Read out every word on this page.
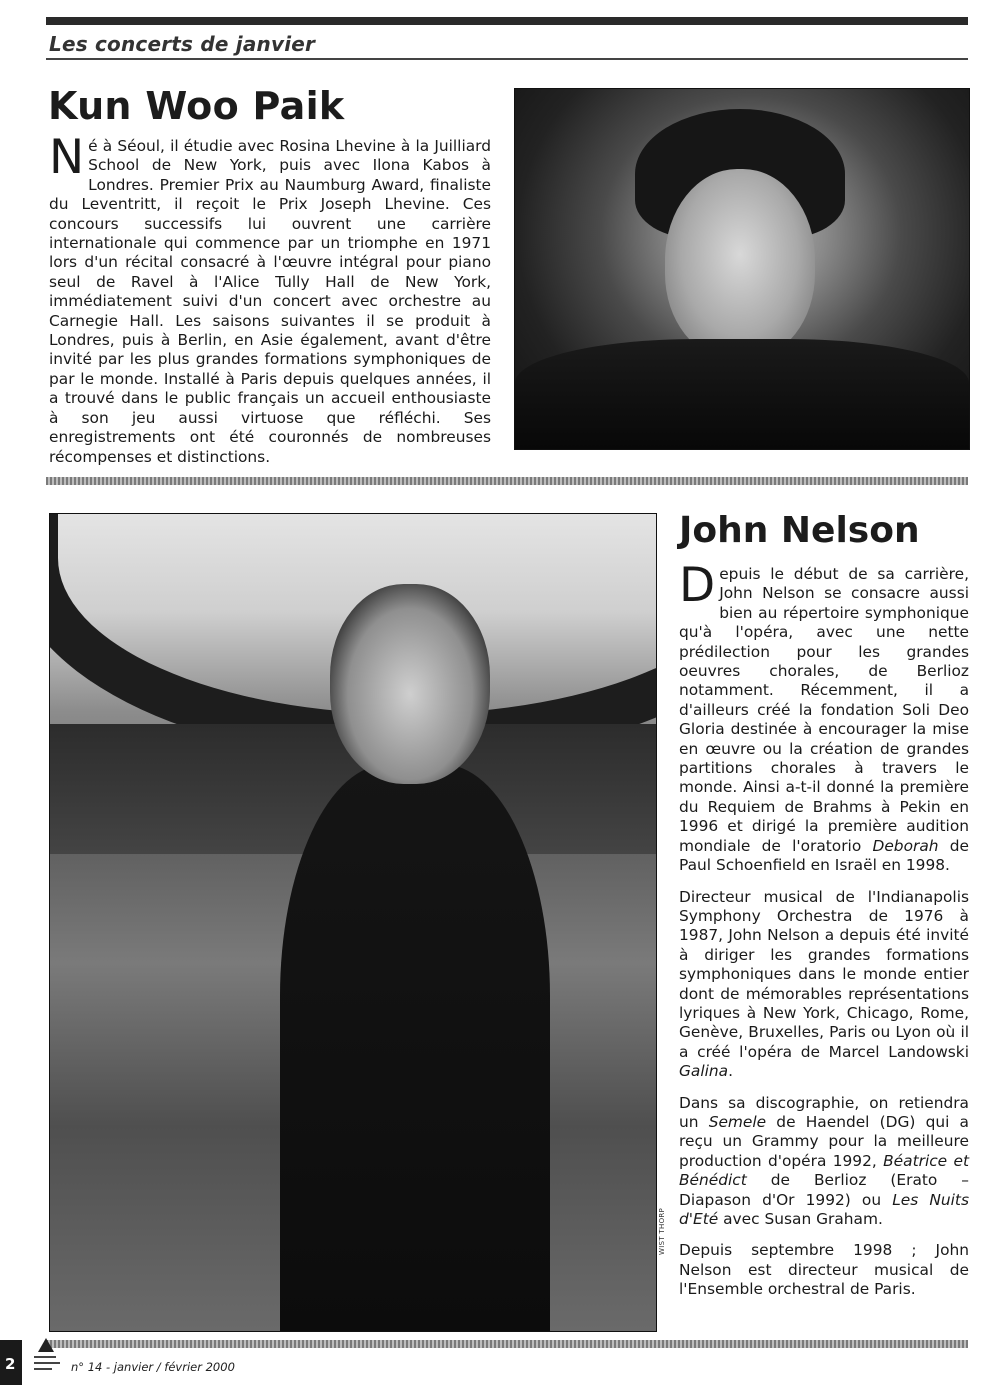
Les concerts de janvier
Kun Woo Paik
Né à Séoul, il étudie avec Rosina Lhevine à la Juilliard School de New York, puis avec Ilona Kabos à Londres. Premier Prix au Naumburg Award, finaliste du Leventritt, il reçoit le Prix Joseph Lhevine. Ces concours successifs lui ouvrent une carrière internationale qui commence par un triomphe en 1971 lors d'un récital consacré à l'œuvre intégral pour piano seul de Ravel à l'Alice Tully Hall de New York, immédiatement suivi d'un concert avec orchestre au Carnegie Hall. Les saisons suivantes il se produit à Londres, puis à Berlin, en Asie également, avant d'être invité par les plus grandes formations symphoniques de par le monde. Installé à Paris depuis quelques années, il a trouvé dans le public français un accueil enthousiaste à son jeu aussi virtuose que réfléchi. Ses enregistrements ont été couronnés de nombreuses récompenses et distinctions.
WIST THORP
John Nelson

Depuis le début de sa carrière, John Nelson se consacre aussi bien au répertoire symphonique qu'à l'opéra, avec une nette prédilection pour les grandes oeuvres chorales, de Berlioz notamment. Récemment, il a d'ailleurs créé la fondation Soli Deo Gloria destinée à encourager la mise en œuvre ou la création de grandes partitions chorales à travers le monde. Ainsi a-t-il donné la première du Requiem de Brahms à Pekin en 1996 et dirigé la première audition mondiale de l'oratorio Deborah de Paul Schoenfield en Israël en 1998.

Directeur musical de l'Indianapolis Symphony Orchestra de 1976 à 1987, John Nelson a depuis été invité à diriger les grandes formations symphoniques dans le monde entier dont de mémorables représentations lyriques à New York, Chicago, Rome, Genève, Bruxelles, Paris ou Lyon où il a créé l'opéra de Marcel Landowski Galina.

Dans sa discographie, on retiendra un Semele de Haendel (DG) qui a reçu un Grammy pour la meilleure production d'opéra 1992, Béatrice et Bénédict de Berlioz (Erato – Diapason d'Or 1992) ou Les Nuits d'Eté avec Susan Graham.

Depuis septembre 1998 ; John Nelson est directeur musical de l'Ensemble orchestral de Paris.

2	n° 14 - janvier / février 2000
